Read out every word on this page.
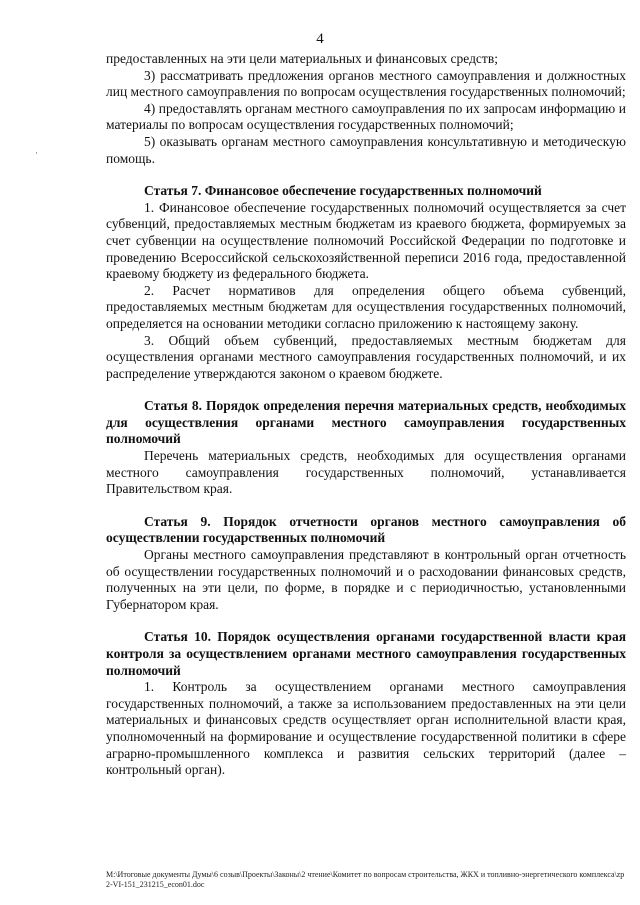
4
·

предоставленных на эти цели материальных и финансовых средств;

3) рассматривать предложения органов местного самоуправления и должностных лиц местного самоуправления по вопросам осуществления государственных полномочий;

4) предоставлять органам местного самоуправления по их запросам информацию и материалы по вопросам осуществления государственных полномочий;

5) оказывать органам местного самоуправления консультативную и методическую помощь.

Статья 7. Финансовое обеспечение государственных полномочий

1. Финансовое обеспечение государственных полномочий осуществляется за счет субвенций, предоставляемых местным бюджетам из краевого бюджета, формируемых за счет субвенции на осуществление полномочий Российской Федерации по подготовке и проведению Всероссийской сельскохозяйственной переписи 2016 года, предоставленной краевому бюджету из федерального бюджета.

2. Расчет нормативов для определения общего объема субвенций, предоставляемых местным бюджетам для осуществления государственных полномочий, определяется на основании методики согласно приложению к настоящему закону.

3. Общий объем субвенций, предоставляемых местным бюджетам для осуществления органами местного самоуправления государственных полномочий, и их распределение утверждаются законом о краевом бюджете.

Статья 8. Порядок определения перечня материальных средств, необходимых для осуществления органами местного самоуправления государственных полномочий

Перечень материальных средств, необходимых для осуществления органами местного самоуправления государственных полномочий, устанавливается Правительством края.

Статья 9. Порядок отчетности органов местного самоуправления об осуществлении государственных полномочий

Органы местного самоуправления представляют в контрольный орган отчетность об осуществлении государственных полномочий и о расходовании финансовых средств, полученных на эти цели, по форме, в порядке и с периодичностью, установленными Губернатором края.

Статья 10. Порядок осуществления органами государственной власти края контроля за осуществлением органами местного самоуправления государственных полномочий

1. Контроль за осуществлением органами местного самоуправления государственных полномочий, а также за использованием предоставленных на эти цели материальных и финансовых средств осуществляет орган исполнительной власти края, уполномоченный на формирование и осуществление государственной политики в сфере аграрно-промышленного комплекса и развития сельских территорий (далее – контрольный орган).

М:\Итоговые документы Думы\6 созыв\Проекты\Законы\2 чтение\Комитет по вопросам строительства, ЖКХ и топливно-энергетического комплекса\zp2-VI-151_231215_econ01.doc
